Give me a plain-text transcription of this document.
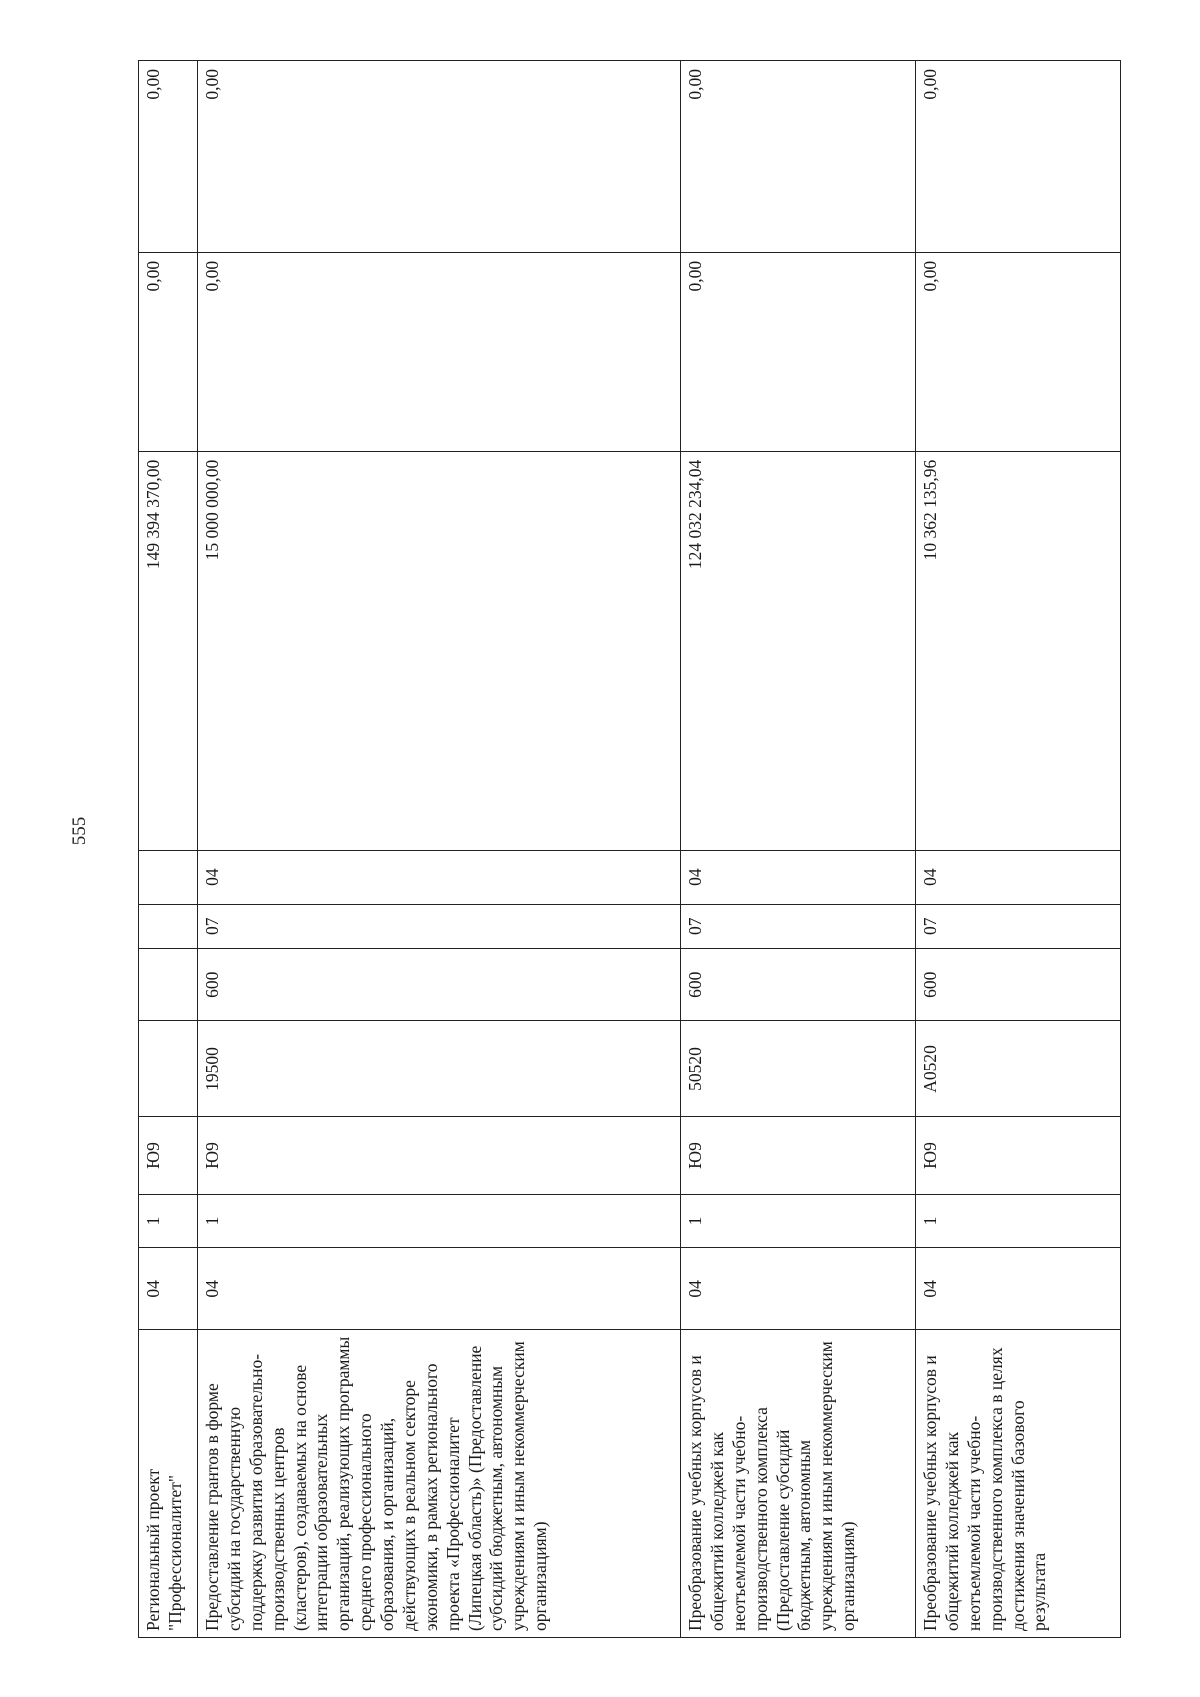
555
Региональный проект "Профессионалитет"	04	1	Ю9					149 394 370,00	0,00	0,00
Предоставление грантов в форме субсидий на государственную поддержку развития образовательно-производственных центров (кластеров), создаваемых на основе интеграции образовательных организаций, реализующих программы среднего профессионального образования, и организаций, действующих в реальном секторе экономики, в рамках регионального проекта «Профессионалитет (Липецкая область)» (Предоставление субсидий бюджетным, автономным учреждениям и иным некоммерческим организациям)	04	1	Ю9	19500	600	07	04	15 000 000,00	0,00	0,00
Преобразование учебных корпусов и общежитий колледжей как неотъемлемой части учебно-производственного комплекса (Предоставление субсидий бюджетным, автономным учреждениям и иным некоммерческим организациям)	04	1	Ю9	50520	600	07	04	124 032 234,04	0,00	0,00
Преобразование учебных корпусов и общежитий колледжей как неотъемлемой части учебно-производственного комплекса в целях достижения значений базового результата	04	1	Ю9	А0520	600	07	04	10 362 135,96	0,00	0,00
